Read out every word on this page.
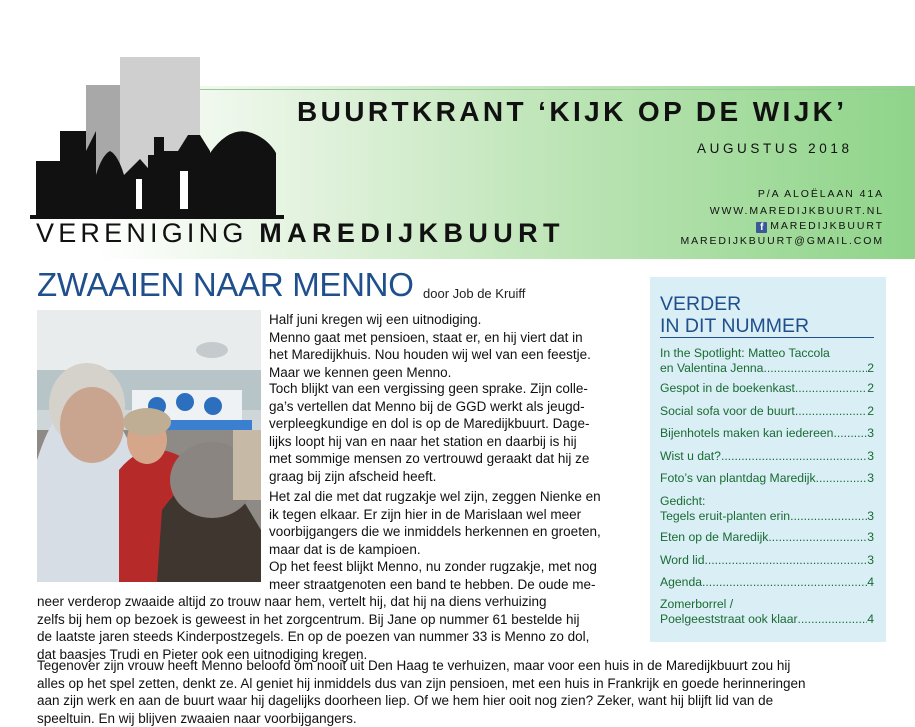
BUURTKRANT ‘KIJK OP DE WIJK’
AUGUSTUS 2018
P/A ALOËLAAN 41A
WWW.MAREDIJKBUURT.NL
f MAREDIJKBUURT
MAREDIJKBUURT@GMAIL.COM
VERENIGING MAREDIJKBUURT
ZWAAIEN NAAR MENNO door Job de Kruiff

Half juni kregen wij een uitnodiging.

Menno gaat met pensioen, staat er, en hij viert dat in

het Maredijkhuis. Nou houden wij wel van een feestje.

Maar we kennen geen Menno.

Toch blijkt van een vergissing geen sprake. Zijn colle-

ga’s vertellen dat Menno bij de GGD werkt als jeugd-

verpleegkundige en dol is op de Maredijkbuurt. Dage-

lijks loopt hij van en naar het station en daarbij is hij

met sommige mensen zo vertrouwd geraakt dat hij ze

graag bij zijn afscheid heeft.

Het zal die met dat rugzakje wel zijn, zeggen Nienke en

ik tegen elkaar. Er zijn hier in de Marislaan wel meer

voorbijgangers die we inmiddels herkennen en groeten,

maar dat is de kampioen.

Op het feest blijkt Menno, nu zonder rugzakje, met nog

meer straatgenoten een band te hebben. De oude me-

neer verderop zwaaide altijd zo trouw naar hem, vertelt hij, dat hij na diens verhuizing

zelfs bij hem op bezoek is geweest in het zorgcentrum. Bij Jane op nummer 61 bestelde hij

de laatste jaren steeds Kinderpostzegels. En op de poezen van nummer 33 is Menno zo dol,

dat baasjes Trudi en Pieter ook een uitnodiging kregen.

Tegenover zijn vrouw heeft Menno beloofd om nooit uit Den Haag te verhuizen, maar voor een huis in de Maredijkbuurt zou hij

alles op het spel zetten, denkt ze. Al geniet hij inmiddels dus van zijn pensioen, met een huis in Frankrijk en goede herinneringen

aan zijn werk en aan de buurt waar hij dagelijks doorheen liep. Of we hem hier ooit nog zien? Zeker, want hij blijft lid van de

speeltuin. En wij blijven zwaaien naar voorbijgangers.

VERDER
IN DIT NUMMER
In the Spotlight: Matteo Taccola
en Valentina Jenna .....	2
Gespot in de boekenkast .....	2
Social sofa voor de buurt .....	2
Bijenhotels maken kan iedereen .....	3
Wist u dat? .....	3
Foto’s van plantdag Maredijk .....	3
Gedicht:
Tegels eruit-planten erin .....	3
Eten op de Maredijk .....	3
Word lid .....	3
Agenda .....	4
Zomerborrel /
Poelgeeststraat ook klaar .....	4
